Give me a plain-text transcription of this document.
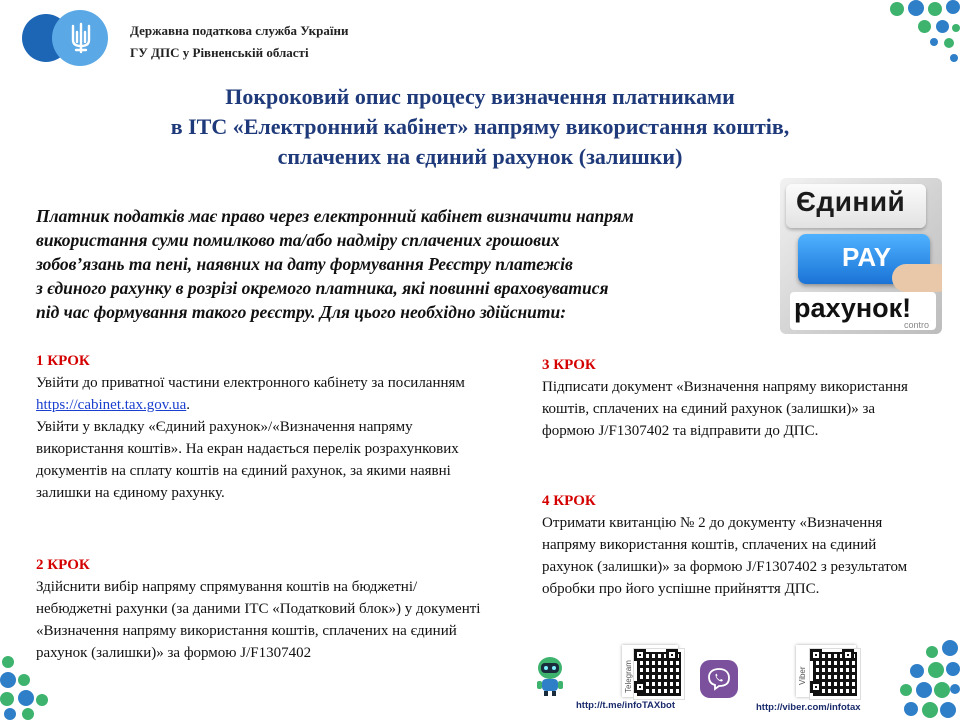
Державна податкова служба України
ГУ ДПС у Рівненській області
Покроковий опис процесу визначення платниками
в ІТС «Електронний кабінет» напряму використання коштів,
сплачених на єдиний рахунок (залишки)
Єдиний
PAY
рахунок!
contro

Платник податків має право через електронний кабінет визначити напрям

використання суми помилково та/або надміру сплачених грошових

зобов’язань та пені, наявних на дату формування Реєстру платежів

з єдиного рахунку в розрізі окремого платника, які повинні враховуватися

під час формування такого реєстру. Для цього необхідно здійснити:

1 КРОК
Увійти до приватної частини електронного кабінету за посиланням https://cabinet.tax.gov.ua.
Увійти у вкладку «Єдиний рахунок»/«Визначення напряму використання коштів». На екран надається перелік розрахункових документів на сплату коштів на єдиний рахунок, за якими наявні залишки на єдиному рахунку.
2 КРОК
Здійснити вибір напряму спрямування коштів на бюджетні/небюджетні рахунки (за даними ІТС «Податковий блок») у документі «Визначення напряму використання коштів, сплачених на єдиний рахунок (залишки)» за формою J/F1307402
3 КРОК
Підписати документ «Визначення напряму використання коштів, сплачених на єдиний рахунок (залишки)» за формою J/F1307402 та відправити до ДПС.
4 КРОК
Отримати квитанцію № 2 до документу «Визначення напряму використання коштів, сплачених на єдиний рахунок (залишки)» за формою J/F1307402 з результатом обробки про його успішне прийняття ДПС.
Telegram
http://t.me/infoTAXbot
Viber
http://viber.com/infotax
